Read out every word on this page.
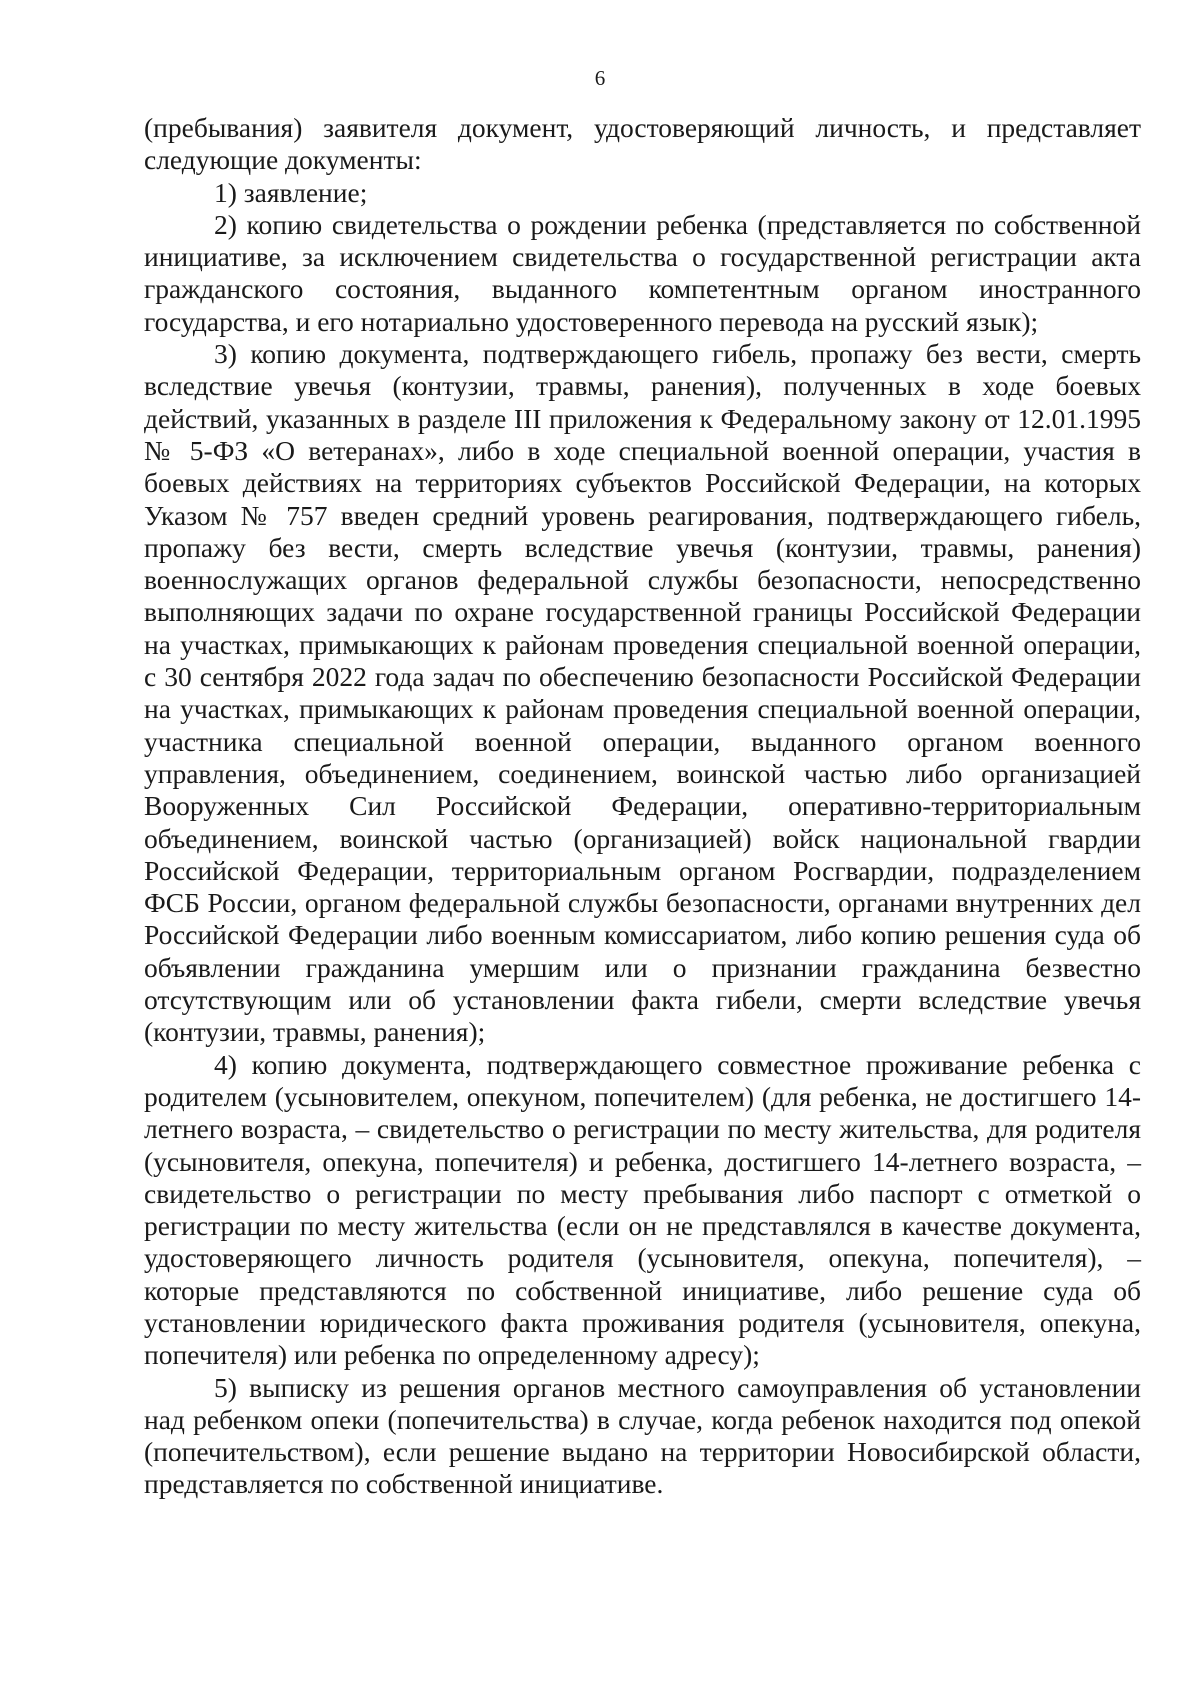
6

(пребывания) заявителя документ, удостоверяющий личность, и представляет следующие документы:

1) заявление;

2) копию свидетельства о рождении ребенка (представляется по собственной инициативе, за исключением свидетельства о государственной регистрации акта гражданского состояния, выданного компетентным органом иностранного государства, и его нотариально удостоверенного перевода на русский язык);

3) копию документа, подтверждающего гибель, пропажу без вести, смерть вследствие увечья (контузии, травмы, ранения), полученных в ходе боевых действий, указанных в разделе III приложения к Федеральному закону от 12.01.1995 № 5-ФЗ «О ветеранах», либо в ходе специальной военной операции, участия в боевых действиях на территориях субъектов Российской Федерации, на которых Указом № 757 введен средний уровень реагирования, подтверждающего гибель, пропажу без вести, смерть вследствие увечья (контузии, травмы, ранения) военнослужащих органов федеральной службы безопасности, непосредственно выполняющих задачи по охране государственной границы Российской Федерации на участках, примыкающих к районам проведения специальной военной операции, с 30 сентября 2022 года задач по обеспечению безопасности Российской Федерации на участках, примыкающих к районам проведения специальной военной операции, участника специальной военной операции, выданного органом военного управления, объединением, соединением, воинской частью либо организацией Вооруженных Сил Российской Федерации, оперативно-территориальным объединением, воинской частью (организацией) войск национальной гвардии Российской Федерации, территориальным органом Росгвардии, подразделением ФСБ России, органом федеральной службы безопасности, органами внутренних дел Российской Федерации либо военным комиссариатом, либо копию решения суда об объявлении гражданина умершим или о признании гражданина безвестно отсутствующим или об установлении факта гибели, смерти вследствие увечья (контузии, травмы, ранения);

4) копию документа, подтверждающего совместное проживание ребенка с родителем (усыновителем, опекуном, попечителем) (для ребенка, не достигшего 14-летнего возраста, – свидетельство о регистрации по месту жительства, для родителя (усыновителя, опекуна, попечителя) и ребенка, достигшего 14-летнего возраста, – свидетельство о регистрации по месту пребывания либо паспорт с отметкой о регистрации по месту жительства (если он не представлялся в качестве документа, удостоверяющего личность родителя (усыновителя, опекуна, попечителя), – которые представляются по собственной инициативе, либо решение суда об установлении юридического факта проживания родителя (усыновителя, опекуна, попечителя) или ребенка по определенному адресу);

5) выписку из решения органов местного самоуправления об установлении над ребенком опеки (попечительства) в случае, когда ребенок находится под опекой (попечительством), если решение выдано на территории Новосибирской области, представляется по собственной инициативе.
